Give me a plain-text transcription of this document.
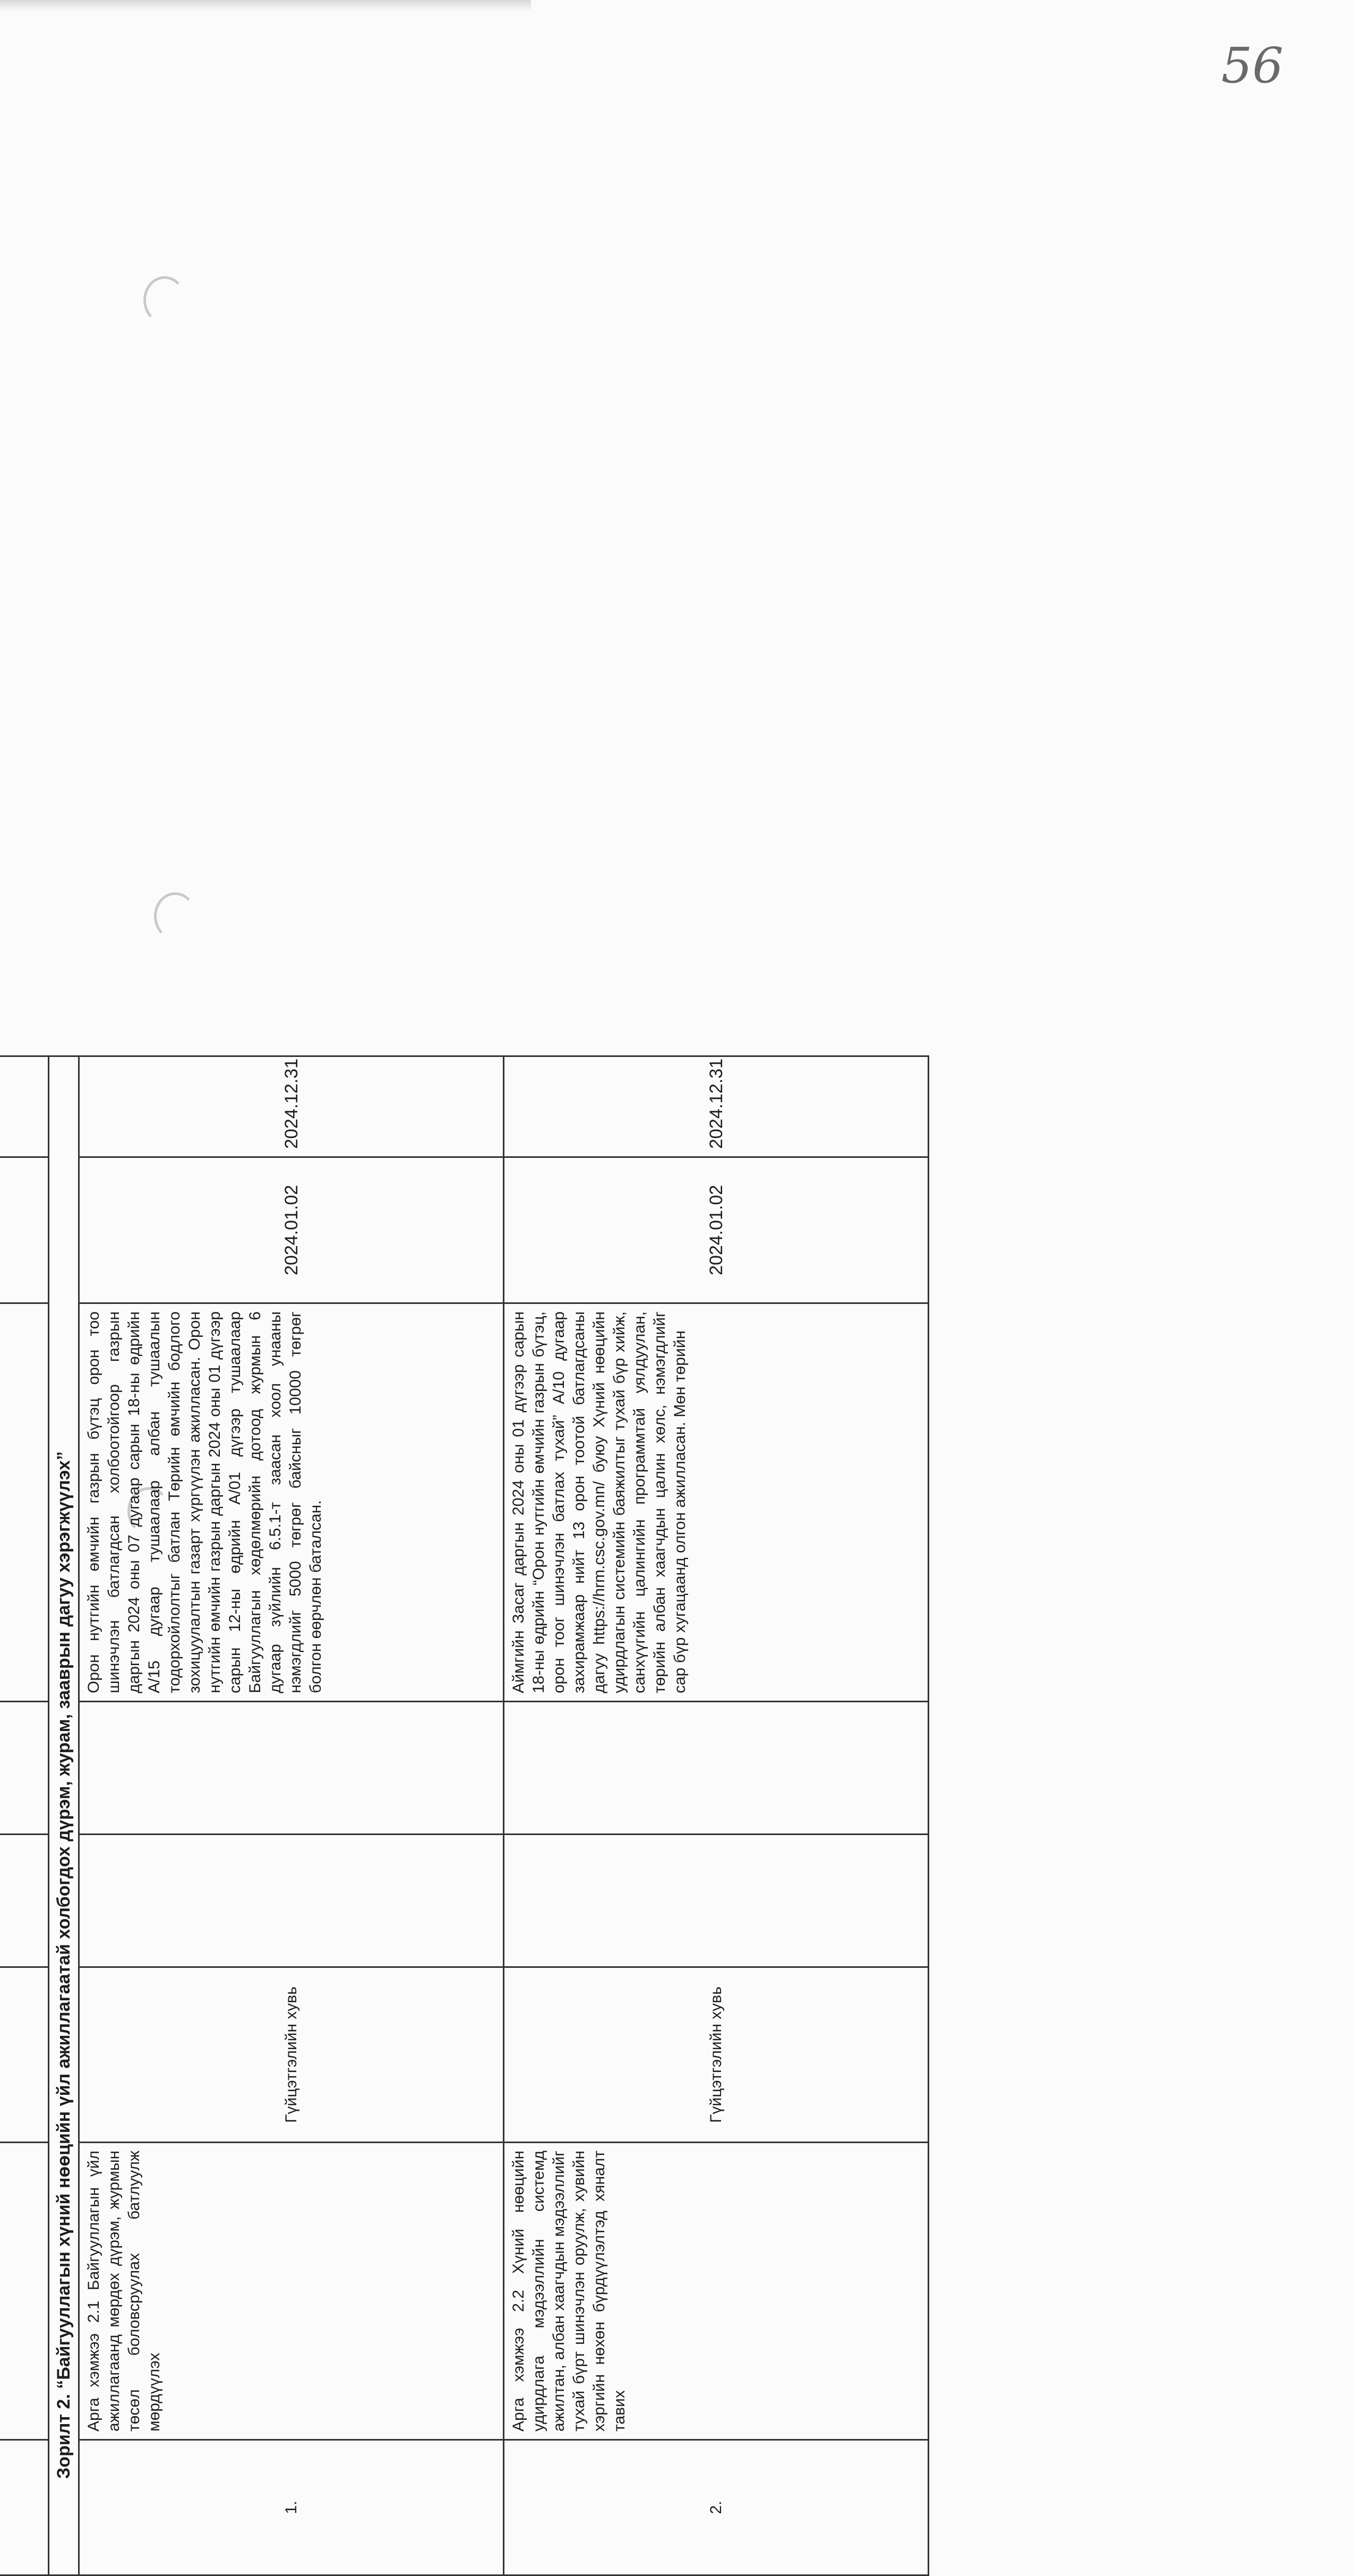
56

Зорилт 2. “Байгууллагын хүний нөөцийн үйл ажиллагаатай холбогдох дүрэм, журам, зааврын дагуу хэрэгжүүлэх”							
1.	Арга хэмжээ 2.1 Байгууллагын үйл ажиллагаанд мөрдөх дүрэм, журмын төсөл боловсруулах батлуулж мөрдүүлэх	Гүйцэтгэлийн хувь			Орон нутгийн өмчийн газрын бүтэц орон тоо шинэчлэн батлагдсан холбоотойгоор газрын даргын 2024 оны 07 дугаар сарын 18-ны өдрийн А/15 дугаар тушаалаар албан тушаалын тодорхойлолтыг батлан Төрийн өмчийн бодлого зохицуулалтын газарт хүргүүлэн ажилласан. Орон нутгийн өмчийн газрын даргын 2024 оны 01 дүгээр сарын 12-ны өдрийн А/01 дүгээр тушаалаар Байгууллагын хөдөлмөрийн дотоод журмын 6 дугаар зүйлийн 6.5.1-т заасан хоол унааны нэмэгдлийг 5000 төгрөг байсныг 10000 төгрөг болгон өөрчлөн баталсан.	2024.01.02	2024.12.31
2.	Арга хэмжээ 2.2 Хүний нөөцийн удирдлага мэдээллийн системд ажилтан, албан хаагчдын мэдээллийг тухай бүрт шинэчлэн оруулж, хувийн хэргийн нөхөн бүрдүүлэлтэд хяналт тавих	Гүйцэтгэлийн хувь			Аймгийн Засаг даргын 2024 оны 01 дүгээр сарын 18-ны өдрийн “Орон нутгийн өмчийн газрын бүтэц, орон тоог шинэчлэн батлах тухай” А/10 дугаар захирамжаар нийт 13 орон тоотой батлагдсаны дагуу https://hrm.csc.gov.mn/ буюу Хүний нөөцийн удирдлагын системийн баяжилтыг тухай бүр хийж, санхүүгийн цалингийн программтай уялдуулан, төрийн албан хаагчдын цалин хөлс, нэмэгдлийг сар бүр хугацаанд олгон ажилласан. Мөн төрийн	2024.01.02	2024.12.31
